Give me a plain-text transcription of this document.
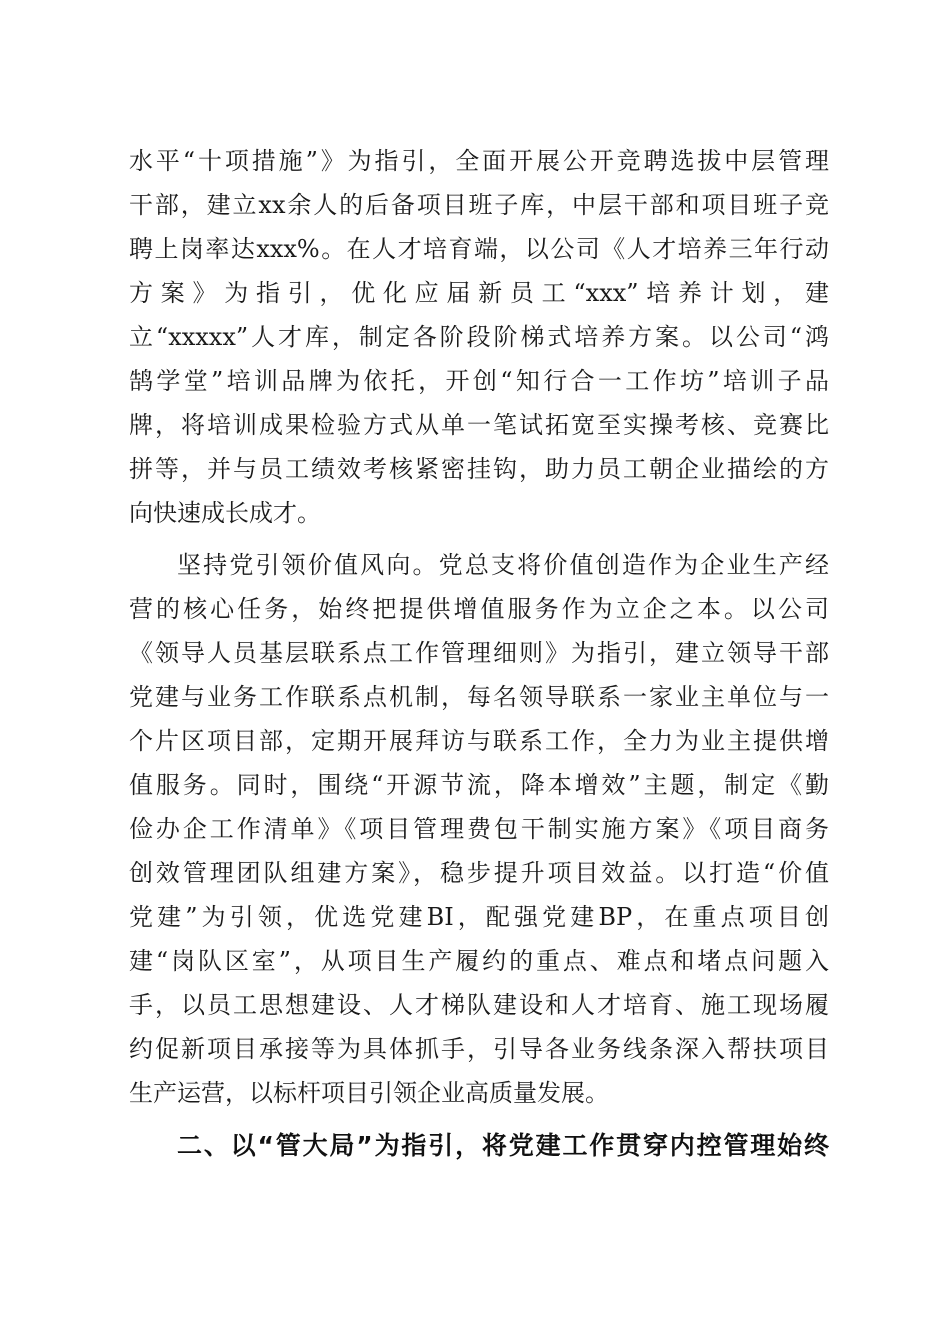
水平“十项措施”》为指引，全面开展公开竞聘选拔中层管理
干部，建立xx余人的后备项目班子库，中层干部和项目班子竞
聘上岗率达xxx%。在人才培育端，以公司《人才培养三年行动
方案》为指引，优化应届新员工“xxx”培养计划，建
立“xxxxx”人才库，制定各阶段阶梯式培养方案。以公司“鸿
鹄学堂”培训品牌为依托，开创“知行合一工作坊”培训子品
牌，将培训成果检验方式从单一笔试拓宽至实操考核、竞赛比
拼等，并与员工绩效考核紧密挂钩，助力员工朝企业描绘的方
向快速成长成才。
坚持党引领价值风向。党总支将价值创造作为企业生产经
营的核心任务，始终把提供增值服务作为立企之本。以公司
《领导人员基层联系点工作管理细则》为指引，建立领导干部
党建与业务工作联系点机制，每名领导联系一家业主单位与一
个片区项目部，定期开展拜访与联系工作，全力为业主提供增
值服务。同时，围绕“开源节流，降本增效”主题，制定《勤
俭办企工作清单》《项目管理费包干制实施方案》《项目商务
创效管理团队组建方案》，稳步提升项目效益。以打造“价值
党建”为引领，优选党建BI，配强党建BP，在重点项目创
建“岗队区室”，从项目生产履约的重点、难点和堵点问题入
手，以员工思想建设、人才梯队建设和人才培育、施工现场履
约促新项目承接等为具体抓手，引导各业务线条深入帮扶项目
生产运营，以标杆项目引领企业高质量发展。
二、以“管大局”为指引，将党建工作贯穿内控管理始终
